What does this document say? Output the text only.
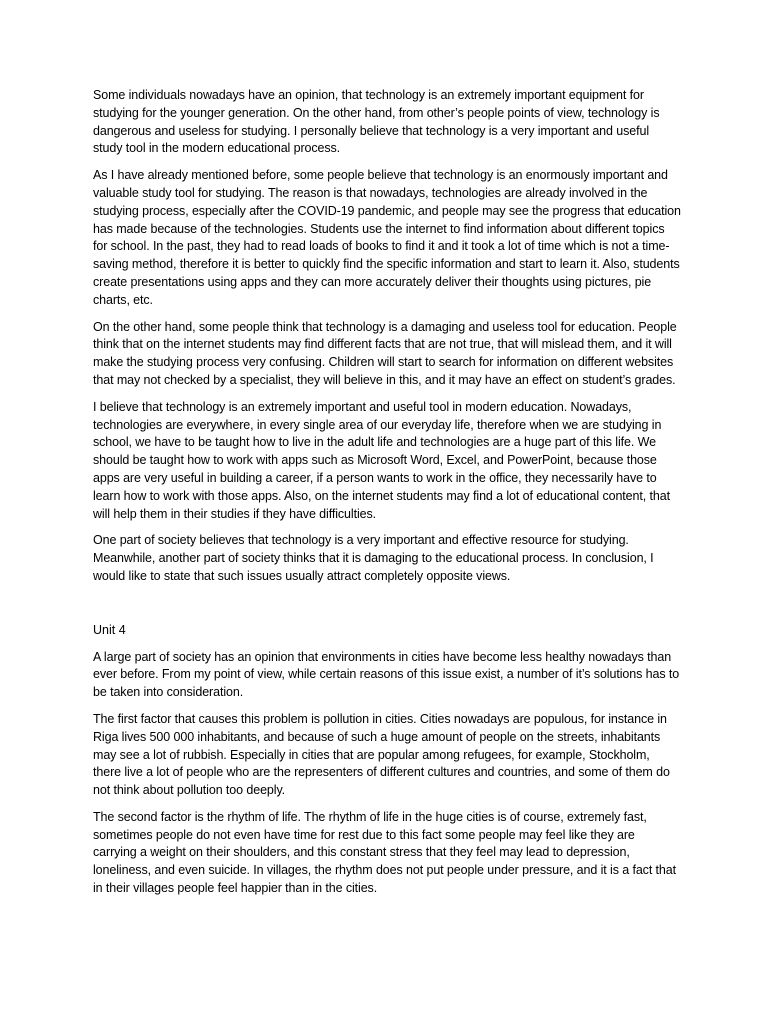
Some individuals nowadays have an opinion, that technology is an extremely important equipment for studying for the younger generation. On the other hand, from other’s people points of view, technology is dangerous and useless for studying. I personally believe that technology is a very important and useful study tool in the modern educational process.

As I have already mentioned before, some people believe that technology is an enormously important and valuable study tool for studying. The reason is that nowadays, technologies are already involved in the studying process, especially after the COVID-19 pandemic, and people may see the progress that education has made because of the technologies. Students use the internet to find information about different topics for school. In the past, they had to read loads of books to find it and it took a lot of time which is not a time-saving method, therefore it is better to quickly find the specific information and start to learn it. Also, students create presentations using apps and they can more accurately deliver their thoughts using pictures, pie charts, etc.

On the other hand, some people think that technology is a damaging and useless tool for education. People think that on the internet students may find different facts that are not true, that will mislead them, and it will make the studying process very confusing. Children will start to search for information on different websites that may not checked by a specialist, they will believe in this, and it may have an effect on student’s grades.

I believe that technology is an extremely important and useful tool in modern education. Nowadays, technologies are everywhere, in every single area of our everyday life, therefore when we are studying in school, we have to be taught how to live in the adult life and technologies are a huge part of this life. We should be taught how to work with apps such as Microsoft Word, Excel, and PowerPoint, because those apps are very useful in building a career, if a person wants to work in the office, they necessarily have to learn how to work with those apps. Also, on the internet students may find a lot of educational content, that will help them in their studies if they have difficulties.

One part of society believes that technology is a very important and effective resource for studying. Meanwhile, another part of society thinks that it is damaging to the educational process. In conclusion, I would like to state that such issues usually attract completely opposite views.

Unit 4

A large part of society has an opinion that environments in cities have become less healthy nowadays than ever before. From my point of view, while certain reasons of this issue exist, a number of it’s solutions has to be taken into consideration.

The first factor that causes this problem is pollution in cities. Cities nowadays are populous, for instance in Riga lives 500 000 inhabitants, and because of such a huge amount of people on the streets, inhabitants may see a lot of rubbish. Especially in cities that are popular among refugees, for example, Stockholm, there live a lot of people who are the representers of different cultures and countries, and some of them do not think about pollution too deeply.

The second factor is the rhythm of life. The rhythm of life in the huge cities is of course, extremely fast, sometimes people do not even have time for rest due to this fact some people may feel like they are carrying a weight on their shoulders, and this constant stress that they feel may lead to depression, loneliness, and even suicide. In villages, the rhythm does not put people under pressure, and it is a fact that in their villages people feel happier than in the cities.
